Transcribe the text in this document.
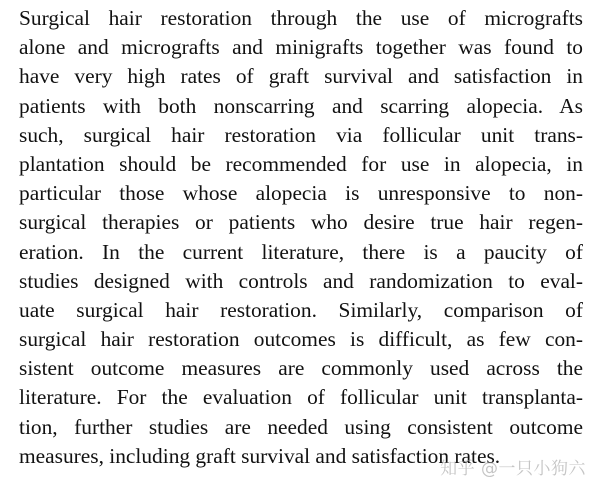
Surgical hair restoration through the use of micrografts
alone and micrografts and minigrafts together was found to
have very high rates of graft survival and satisfaction in
patients with both nonscarring and scarring alopecia. As
such, surgical hair restoration via follicular unit trans-
plantation should be recommended for use in alopecia, in
particular those whose alopecia is unresponsive to non-
surgical therapies or patients who desire true hair regen-
eration. In the current literature, there is a paucity of
studies designed with controls and randomization to eval-
uate surgical hair restoration. Similarly, comparison of
surgical hair restoration outcomes is difficult, as few con-
sistent outcome measures are commonly used across the
literature. For the evaluation of follicular unit transplanta-
tion, further studies are needed using consistent outcome
measures, including graft survival and satisfaction rates.
知乎 @一只小狗六
